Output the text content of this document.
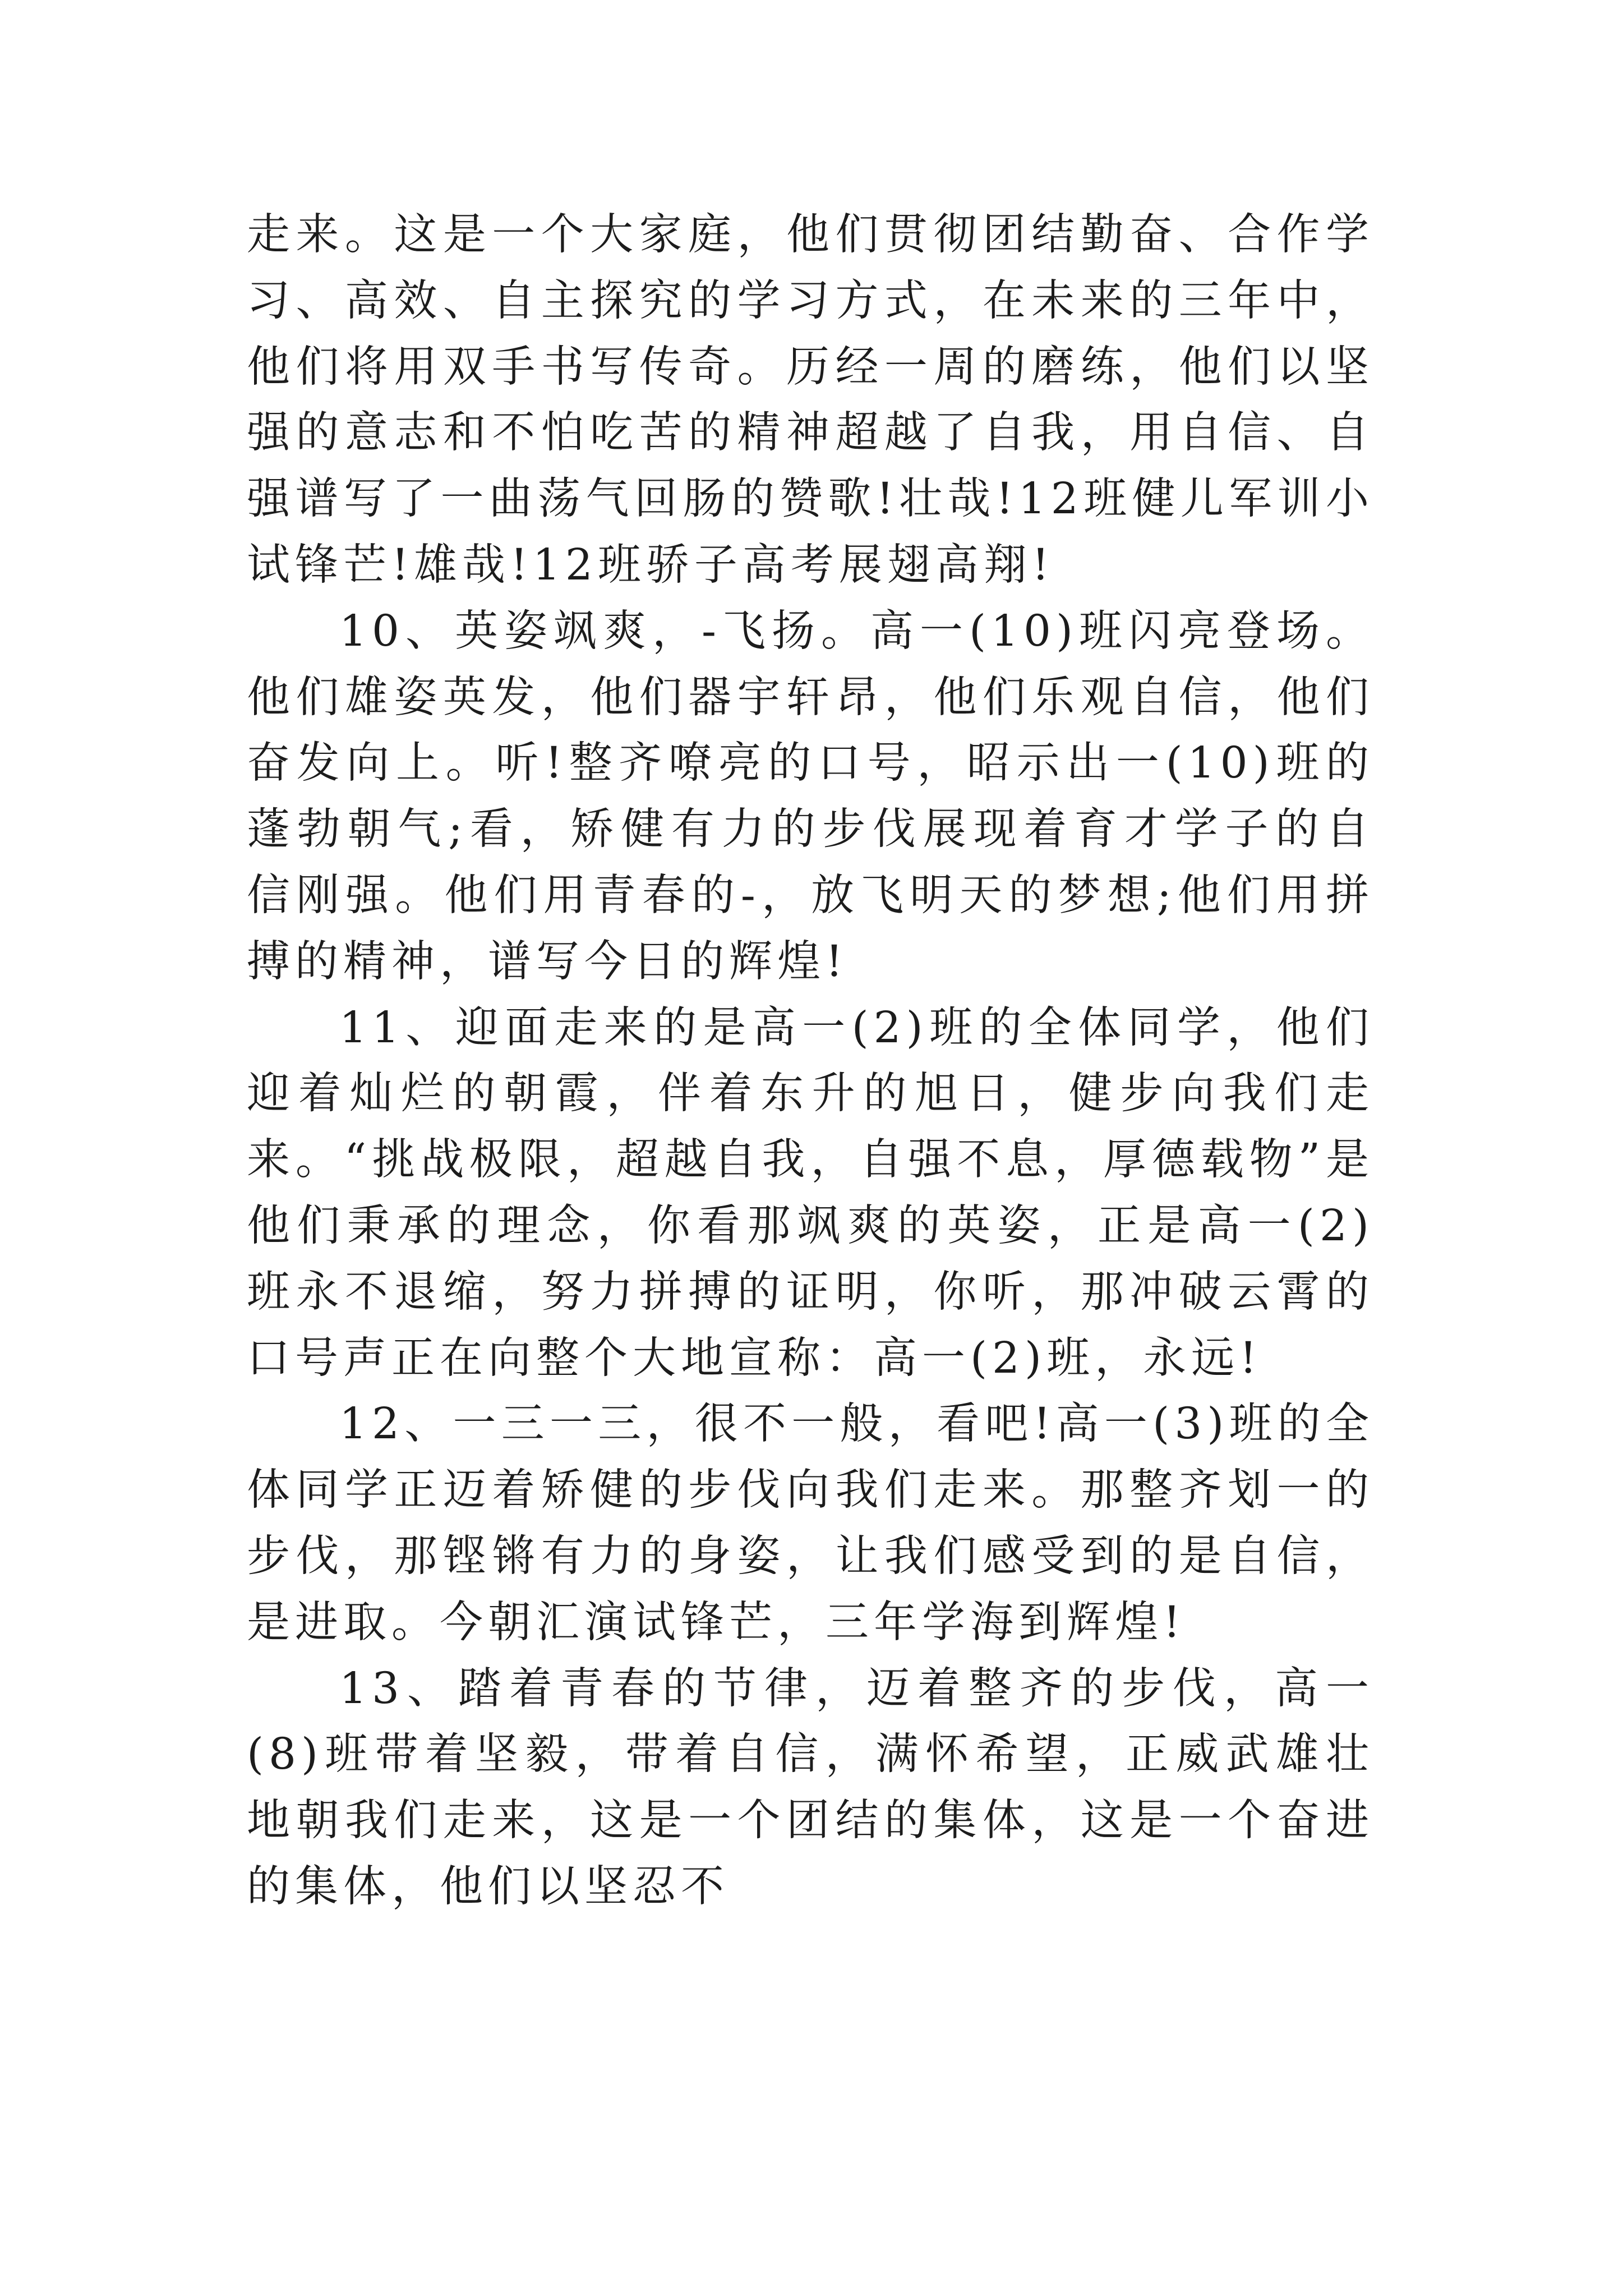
走来。这是一个大家庭，他们贯彻团结勤奋、合作学习、高效、自主探究的学习方式，在未来的三年中，他们将用双手书写传奇。历经一周的磨练，他们以坚强的意志和不怕吃苦的精神超越了自我，用自信、自强谱写了一曲荡气回肠的赞歌!壮哉!12班健儿军训小试锋芒!雄哉!12班骄子高考展翅高翔!

10、英姿飒爽，-飞扬。高一(10)班闪亮登场。他们雄姿英发，他们器宇轩昂，他们乐观自信，他们奋发向上。听!整齐嘹亮的口号，昭示出一(10)班的蓬勃朝气;看，矫健有力的步伐展现着育才学子的自信刚强。他们用青春的-，放飞明天的梦想;他们用拼搏的精神，谱写今日的辉煌!

11、迎面走来的是高一(2)班的全体同学，他们迎着灿烂的朝霞，伴着东升的旭日，健步向我们走来。“挑战极限，超越自我，自强不息，厚德载物”是他们秉承的理念，你看那飒爽的英姿，正是高一(2)班永不退缩，努力拼搏的证明，你听，那冲破云霄的口号声正在向整个大地宣称：高一(2)班，永远!

12、一三一三，很不一般，看吧!高一(3)班的全体同学正迈着矫健的步伐向我们走来。那整齐划一的步伐，那铿锵有力的身姿，让我们感受到的是自信，是进取。今朝汇演试锋芒，三年学海到辉煌!

13、踏着青春的节律，迈着整齐的步伐，高一(8)班带着坚毅，带着自信，满怀希望，正威武雄壮地朝我们走来，这是一个团结的集体，这是一个奋进的集体，他们以坚忍不
